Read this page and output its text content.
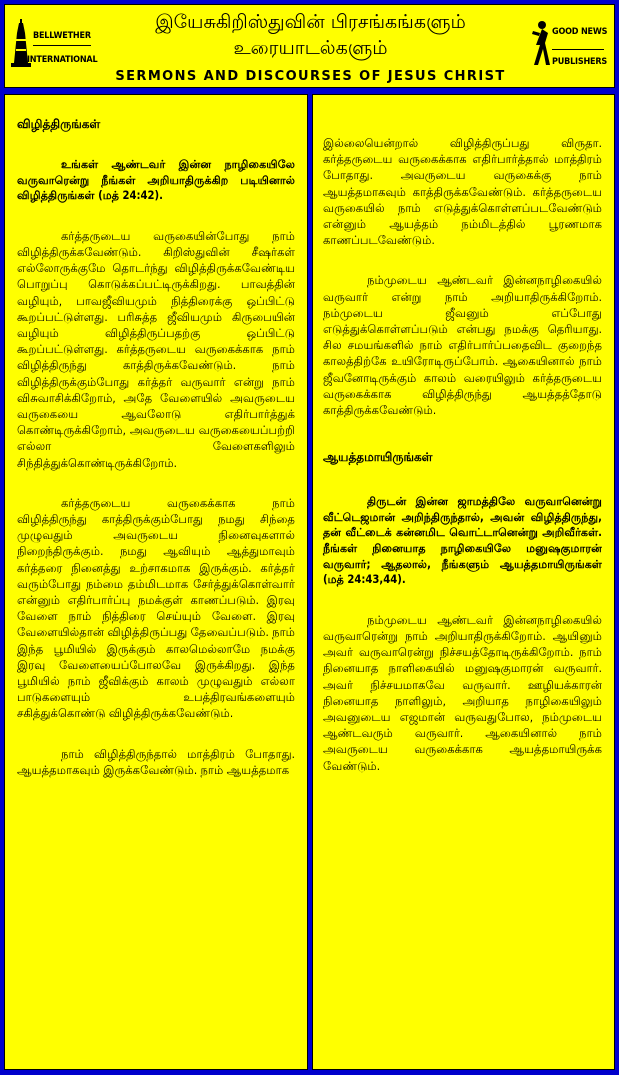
BELLWETHER
INTERNATIONAL
இயேசுகிறிஸ்துவின் பிரசங்கங்களும்
உரையாடல்களும்
SERMONS AND DISCOURSES OF JESUS CHRIST
GOOD NEWS
PUBLISHERS
விழித்திருங்கள்

உங்கள் ஆண்டவர் இன்ன நாழிகையிலே வருவாரென்று நீங்கள் அறியாதிருக்கிற படியினால் விழித்திருங்கள் (மத் 24:42).

கர்த்தருடைய வருகையின்போது நாம் விழித்திருக்கவேண்டும். கிறிஸ்துவின் சீஷர்கள் எல்லோருக்குமே தொடர்ந்து விழித்திருக்கவேண்டிய பொறுப்பு கொடுக்கப்பட்டிருக்கிறது. பாவத்தின் வழியும், பாவஜீவியமும் நித்திரைக்கு ஒப்பிட்டு கூறப்பட்டுள்ளது. பரிசுத்த ஜீவியமும் கிருபையின் வழியும் விழித்திருப்பதற்கு ஒப்பிட்டு கூறப்பட்டுள்ளது. கர்த்தருடைய வருகைக்காக நாம் விழித்திருந்து காத்திருக்கவேண்டும். நாம் விழித்திருக்கும்போது கர்த்தர் வருவார் என்று நாம் விசுவாசிக்கிறோம், அதே வேளையில் அவருடைய வருகையை ஆவலோடு எதிர்பார்த்துக் கொண்டிருக்கிறோம், அவருடைய வருகையைப்பற்றி எல்லா வேளைகளிலும் சிந்தித்துக்கொண்டிருக்கிறோம்.

கர்த்தருடைய வருகைக்காக நாம் விழித்திருந்து காத்திருக்கும்போது நமது சிந்தை முழுவதும் அவருடைய நினைவுகளால் நிறைந்திருக்கும். நமது ஆவியும் ஆத்துமாவும் கர்த்தரை நினைத்து உற்சாகமாக இருக்கும். கர்த்தர் வரும்போது நம்மை தம்மிடமாக சேர்த்துக்கொள்வார் என்னும் எதிர்பார்ப்பு நமக்குள் காணப்படும். இரவு வேளை நாம் நித்திரை செய்யும் வேளை. இரவு வேளையில்தான் விழித்திருப்பது தேவைப்படும். நாம் இந்த பூமியில் இருக்கும் காலமெல்லாமே நமக்கு இரவு வேளையைப்போலவே இருக்கிறது. இந்த பூமியில் நாம் ஜீவிக்கும் காலம் முழுவதும் எல்லா பாடுகளையும் உபத்திரவங்களையும் சகித்துக்கொண்டு விழித்திருக்கவேண்டும்.

நாம் விழித்திருந்தால் மாத்திரம் போதாது. ஆயத்தமாகவும் இருக்கவேண்டும். நாம் ஆயத்தமாக

இல்லையென்றால் விழித்திருப்பது விருதா. கர்த்தருடைய வருகைக்காக எதிர்பார்த்தால் மாத்திரம் போதாது. அவருடைய வருகைக்கு நாம் ஆயத்தமாகவும் காத்திருக்கவேண்டும். கர்த்தருடைய வருகையில் நாம் எடுத்துக்கொள்ளப்படவேண்டும் என்னும் ஆயத்தம் நம்மிடத்தில் பூரணமாக காணப்படவேண்டும்.

நம்முடைய ஆண்டவர் இன்னநாழிகையில் வருவார் என்று நாம் அறியாதிருக்கிறோம். நம்முடைய ஜீவனும் எப்போது எடுத்துக்கொள்ளப்படும் என்பது நமக்கு தெரியாது. சில சமயங்களில் நாம் எதிர்பார்ப்பதைவிட குறைந்த காலத்திற்கே உயிரோடிருப்போம். ஆகையினால் நாம் ஜீவனோடிருக்கும் காலம் வரையிலும் கர்த்தருடைய வருகைக்காக விழித்திருந்து ஆயத்தத்தோடு காத்திருக்கவேண்டும்.

ஆயத்தமாயிருங்கள்

திருடன் இன்ன ஜாமத்திலே வருவானென்று வீட்டெஜமான் அறிந்திருந்தால், அவன் விழித்திருந்து, தன் வீட்டைக் கன்னமிட வொட்டானென்று அறிவீர்கள். நீங்கள் நினையாத நாழிகையிலே மனுஷகுமாரன் வருவார்; ஆதலால், நீங்களும் ஆயத்தமாயிருங்கள் (மத் 24:43,44).

நம்முடைய ஆண்டவர் இன்னநாழிகையில் வருவாரென்று நாம் அறியாதிருக்கிறோம். ஆயினும் அவர் வருவாரென்று நிச்சயத்தோடிருக்கிறோம். நாம் நினையாத நாளிகையில் மனுஷகுமாரன் வருவார். அவர் நிச்சயமாகவே வருவார். ஊழியக்காரன் நினையாத நாளிலும், அறியாத நாழிகையிலும் அவனுடைய எஜமான் வருவதுபோல, நம்முடைய ஆண்டவரும் வருவார். ஆகையினால் நாம் அவருடைய வருகைக்காக ஆயத்தமாயிருக்க வேண்டும்.
